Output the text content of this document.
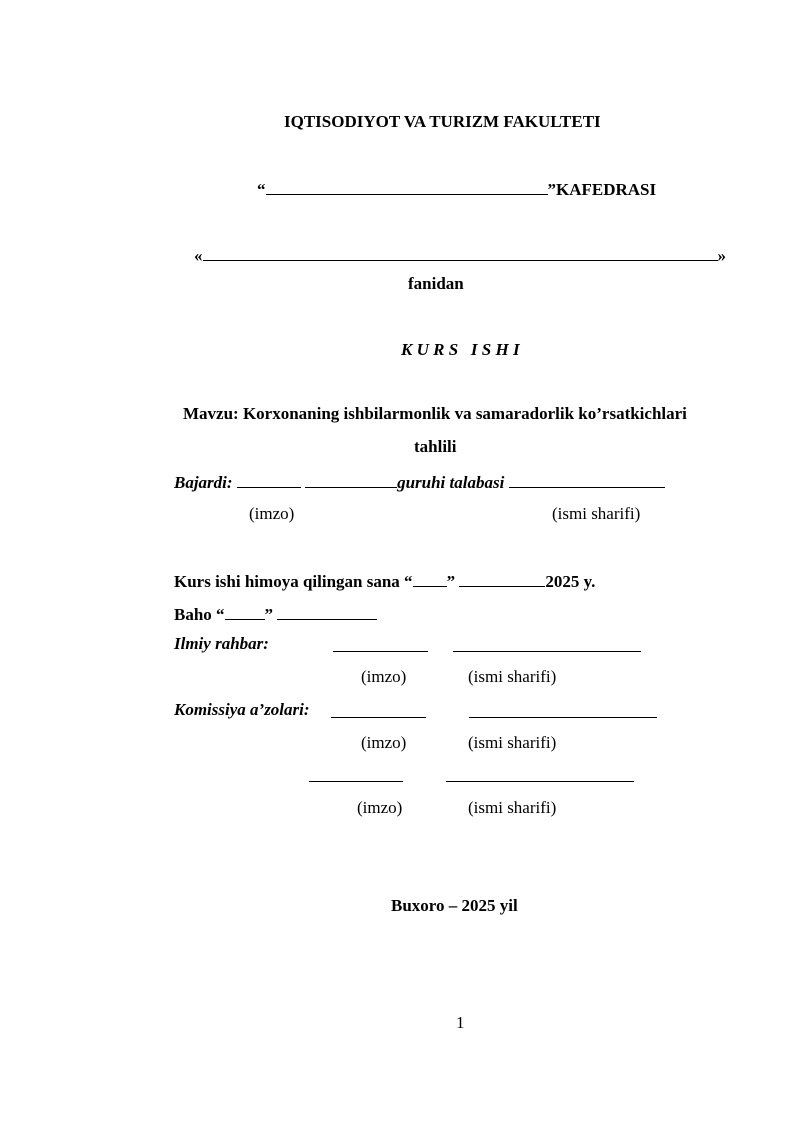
IQTISODIYOT VA TURIZM FAKULTETI
“	”KAFEDRASI
«	»
fanidan
K U R S   I S H I
Mavzu: Korxonaning ishbilarmonlik va samaradorlik ko’rsatkichlari
tahlili
Bajardi:	guruhi talabasi
(imzo)	(ismi sharifi)
Kurs ishi himoya qilingan sana “ ”	2025 y.
Baho “ ”
Ilmiy rahbar:
(imzo)	(ismi sharifi)
Komissiya a’zolari:
(imzo)	(ismi sharifi)
(imzo)	(ismi sharifi)
Buxoro – 2025 yil
1
